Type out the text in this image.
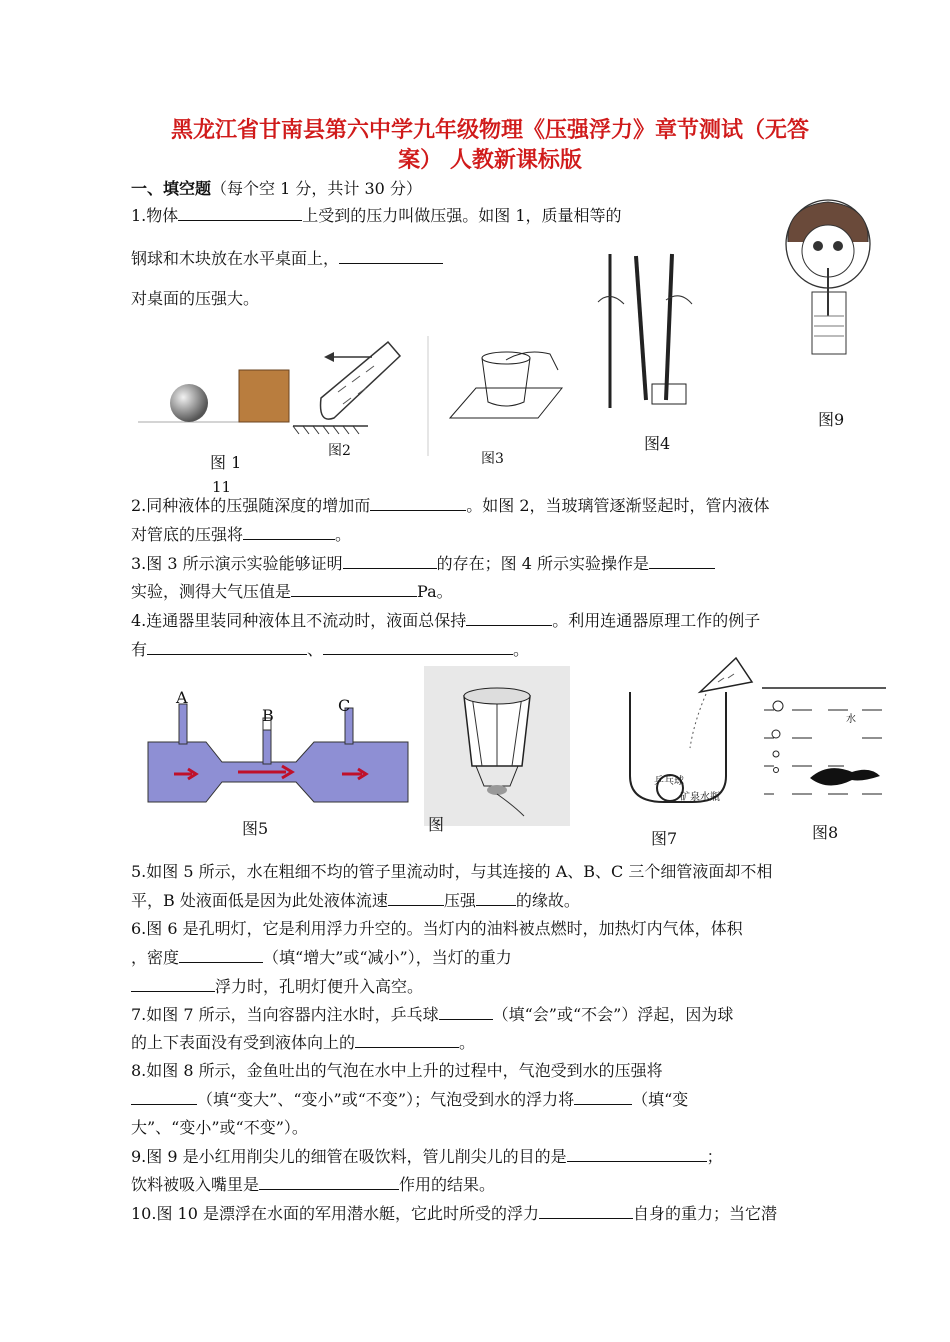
黑龙江省甘南县第六中学九年级物理《压强浮力》章节测试（无答
案） 人教新课标版
一、填空题（每个空 1 分，共计 30 分）
1.物体	上受到的压力叫做压强。如图 1，质量相等的
钢球和木块放在水平桌面上，
对桌面的压强大。
图9
图4
图 1
11
图2	图3
2.同种液体的压强随深度的增加而	。如图 2，当玻璃管逐渐竖起时，管内液体
对管底的压强将	。
3.图 3 所示演示实验能够证明	的存在；图 4 所示实验操作是
实验，测得大气压值是	Pa。
4.连通器里装同种液体且不流动时，液面总保持	。利用连通器原理工作的例子
有	、	。
A
B
C
图5	图
乒乓球
矿泉水瓶
图7
水
图8
5.如图 5 所示，水在粗细不均的管子里流动时，与其连接的 A、B、C 三个细管液面却不相
平，B 处液面低是因为此处液体流速	压强	的缘故。
6.图 6 是孔明灯，它是利用浮力升空的。当灯内的油料被点燃时，加热灯内气体，体积
，密度	（填“增大”或“减小”），当灯的重力
浮力时，孔明灯便升入高空。
7.如图 7 所示，当向容器内注水时，乒乓球	（填“会”或“不会”）浮起，因为球
的上下表面没有受到液体向上的	。
8.如图 8 所示，金鱼吐出的气泡在水中上升的过程中，气泡受到水的压强将
（填“变大”、“变小”或“不变”）；气泡受到水的浮力将	（填“变
大”、“变小”或“不变”）。
9.图 9 是小红用削尖儿的细管在吸饮料，管儿削尖儿的目的是	；
饮料被吸入嘴里是	作用的结果。
10.图 10 是漂浮在水面的军用潜水艇，它此时所受的浮力	自身的重力；当它潜
